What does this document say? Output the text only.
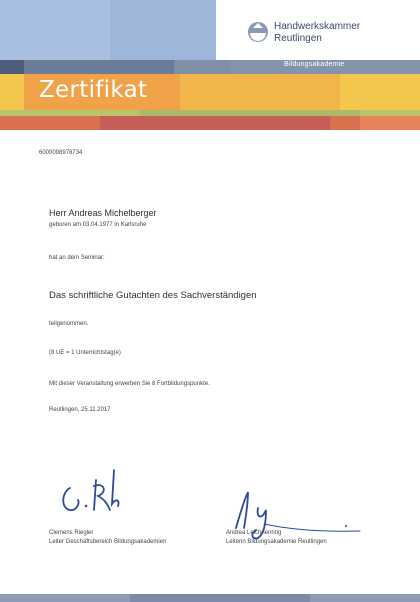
Handwerkskammer
Reutlingen
Bildungsakademie
Zertifikat
6000098978734
Herr Andreas Michelberger
geboren am 03.04.1977 in Karlsruhe
hat an dem Seminar:
Das schriftliche Gutachten des Sachverständigen
teilgenommen.
(8 UE = 1 Unterrichtstag(e)
Mit dieser Veranstaltung erwerben Sie 8 Fortbildungspunkte.
Reutlingen, 25.11.2017
Clemens Riegler
Leiter Geschäftsbereich Bildungsakademien
Andrea Leichnenring
Leiterin Bildungsakademie Reutlingen
